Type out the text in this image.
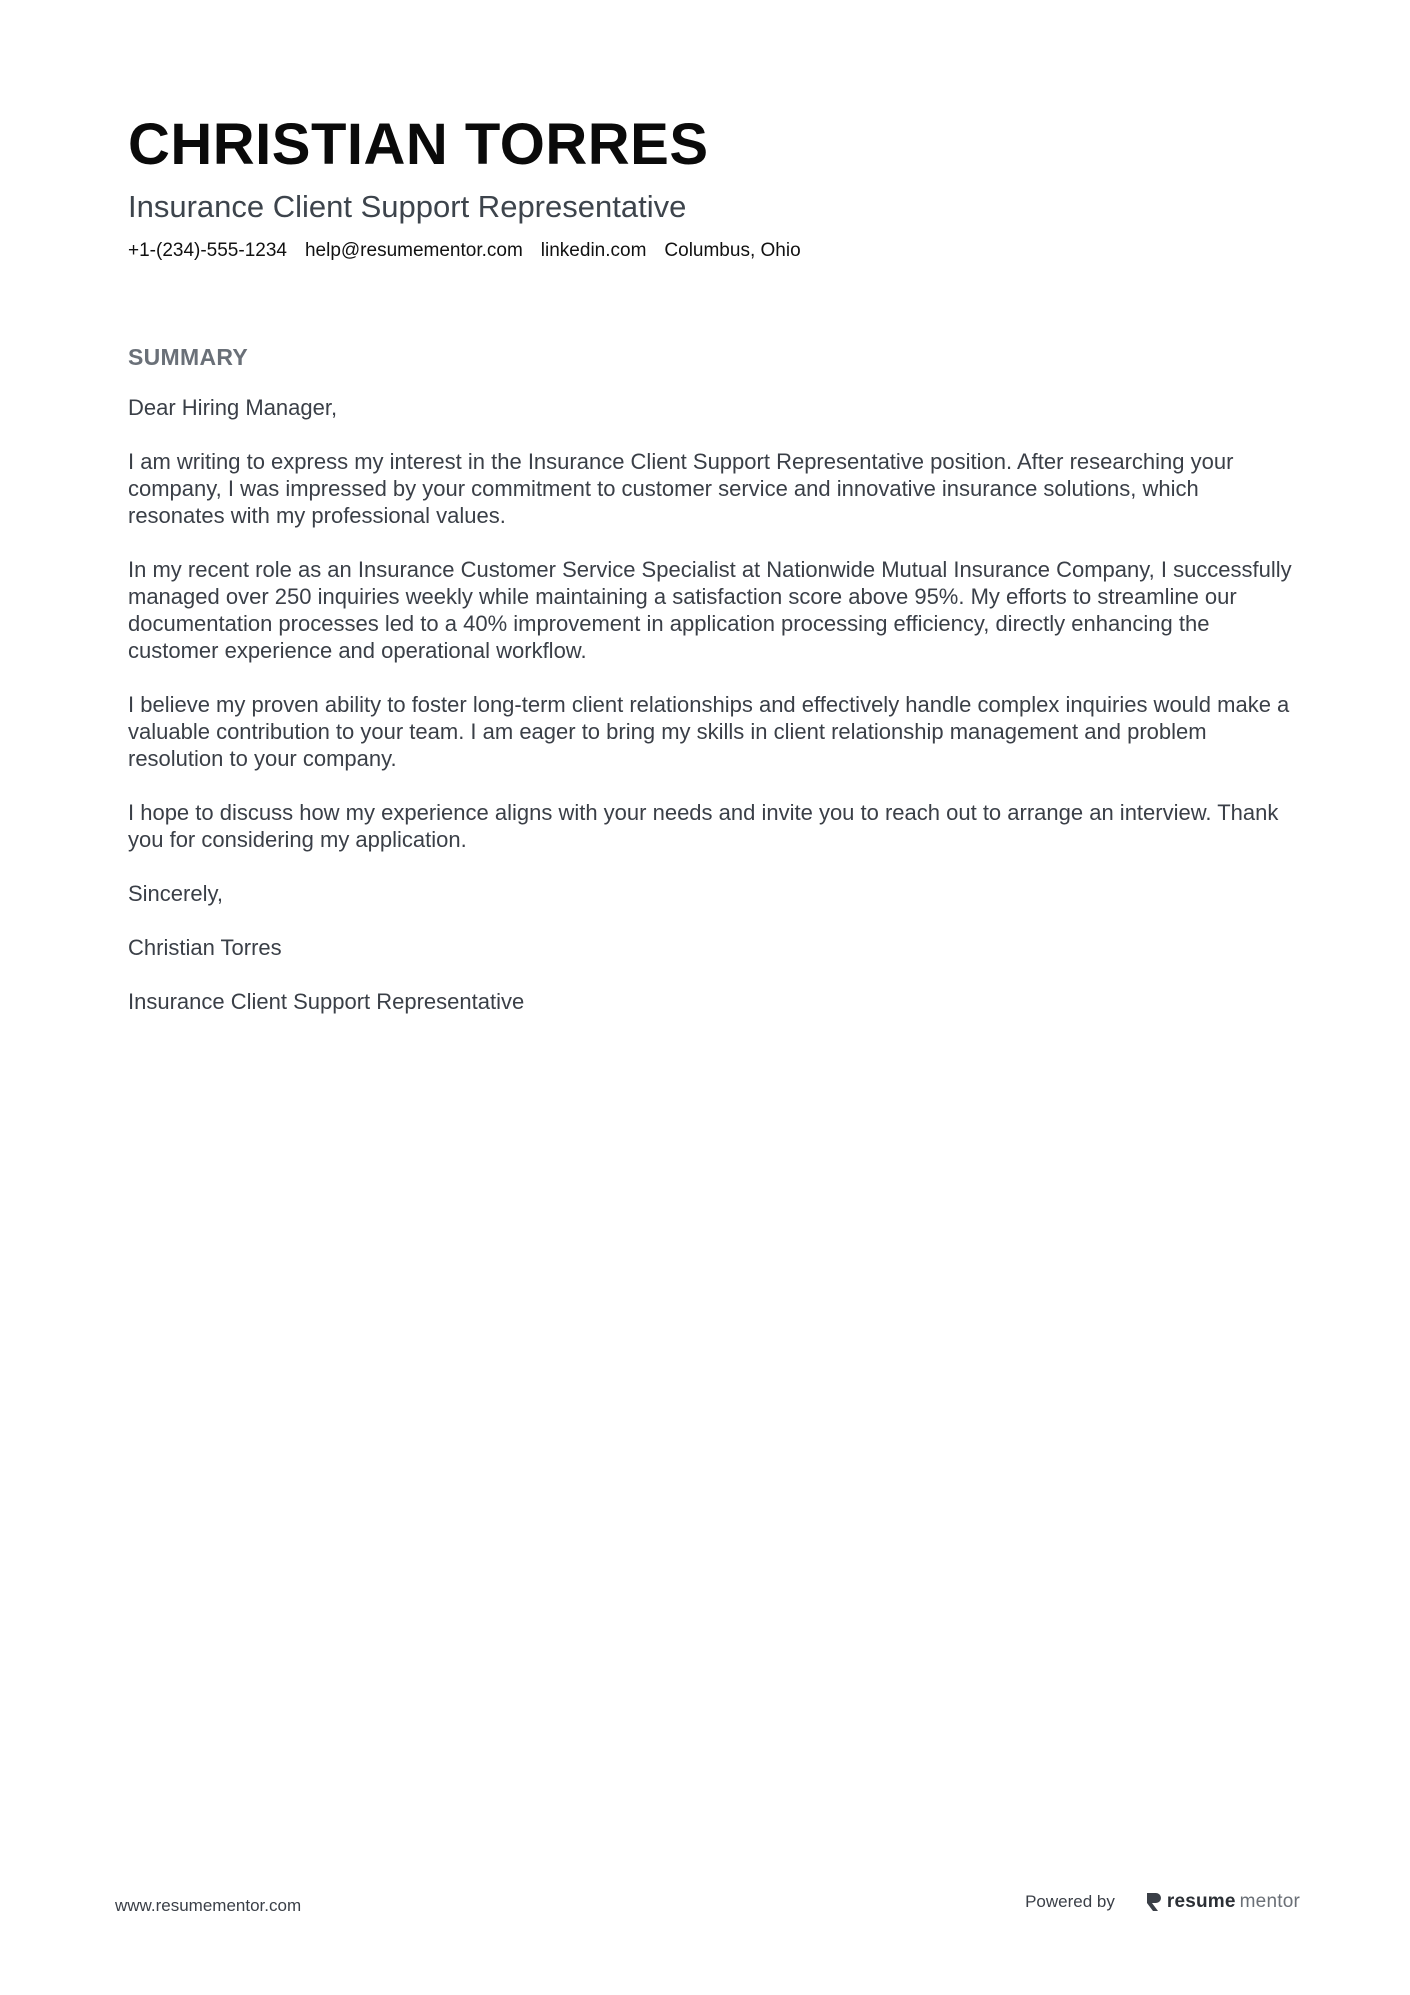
CHRISTIAN TORRES
Insurance Client Support Representative
+1-(234)-555-1234 help@resumementor.com linkedin.com Columbus, Ohio
SUMMARY

Dear Hiring Manager,

I am writing to express my interest in the Insurance Client Support Representative position. After researching your company, I was impressed by your commitment to customer service and innovative insurance solutions, which resonates with my professional values.

In my recent role as an Insurance Customer Service Specialist at Nationwide Mutual Insurance Company, I successfully managed over 250 inquiries weekly while maintaining a satisfaction score above 95%. My efforts to streamline our documentation processes led to a 40% improvement in application processing efficiency, directly enhancing the customer experience and operational workflow.

I believe my proven ability to foster long-term client relationships and effectively handle complex inquiries would make a valuable contribution to your team. I am eager to bring my skills in client relationship management and problem resolution to your company.

I hope to discuss how my experience aligns with your needs and invite you to reach out to arrange an interview. Thank you for considering my application.

Sincerely,

Christian Torres

Insurance Client Support Representative

www.resumementor.com	Powered by	resume mentor
